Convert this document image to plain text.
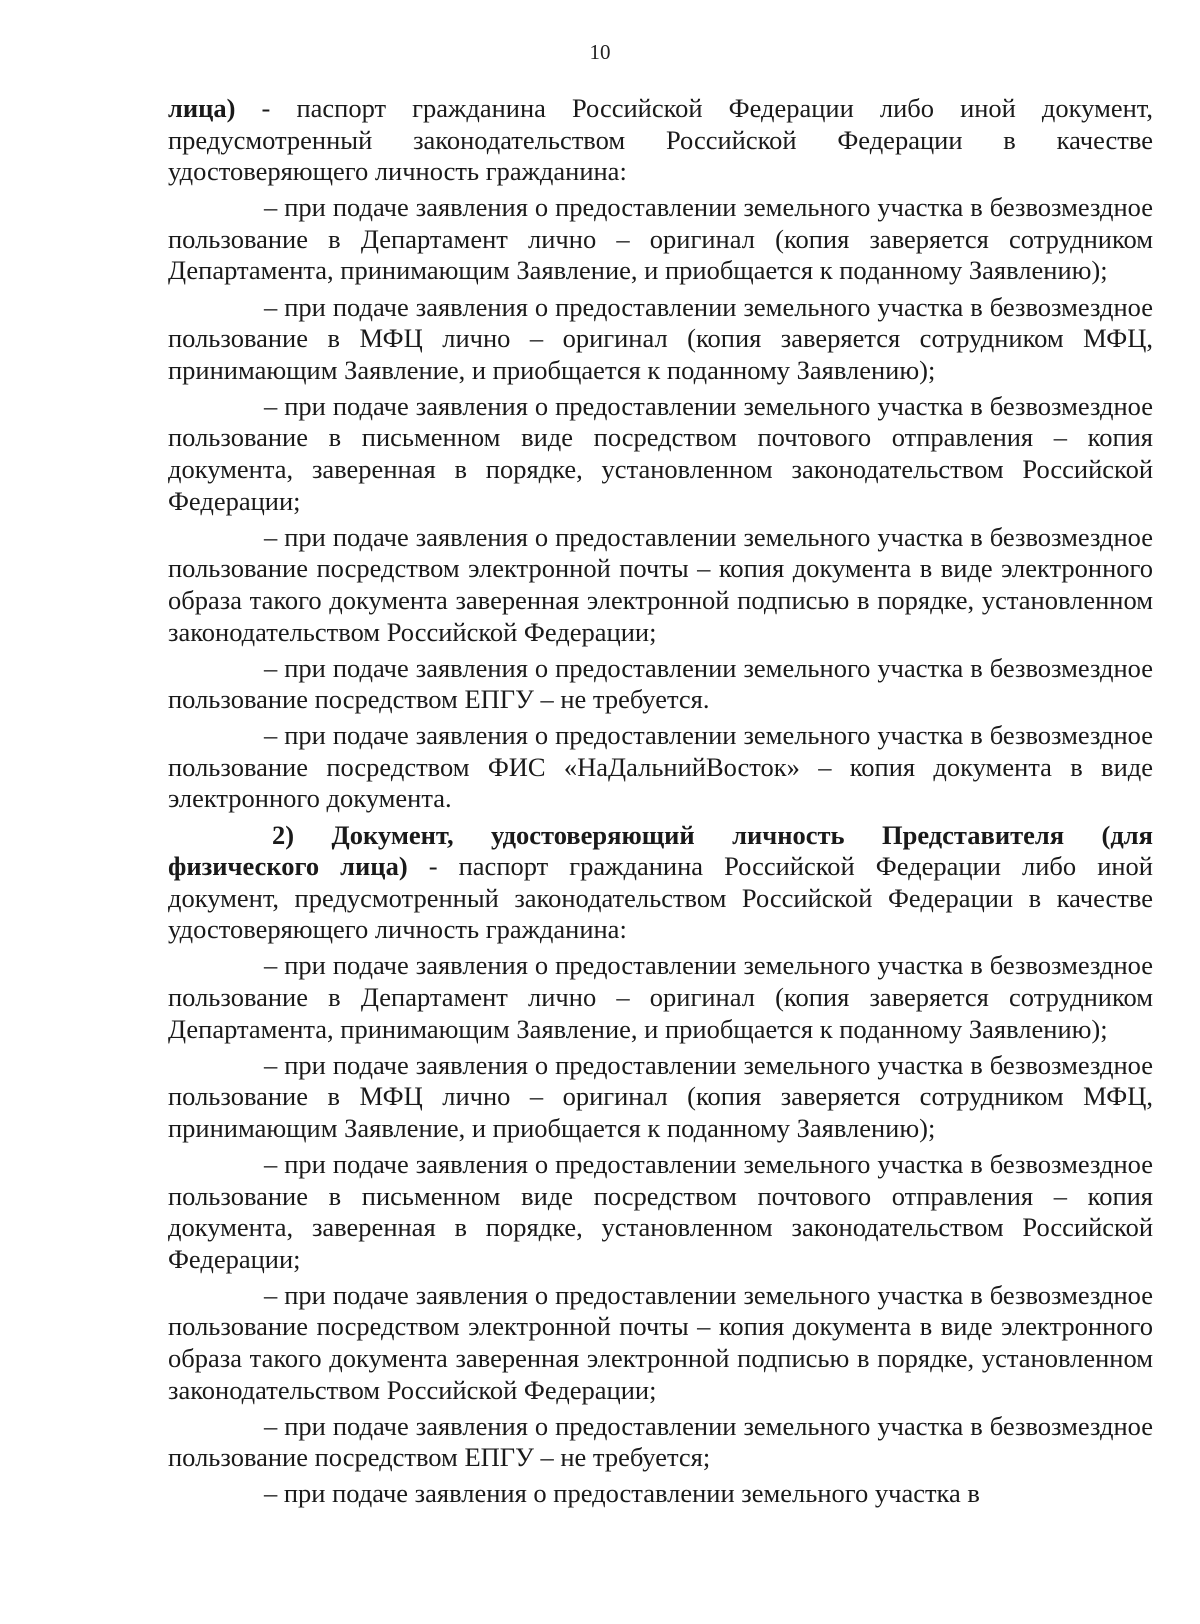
10

лица) - паспорт гражданина Российской Федерации либо иной документ, предусмотренный законодательством Российской Федерации в качестве удостоверяющего личность гражданина:

– при подаче заявления о предоставлении земельного участка в безвозмездное пользование в Департамент лично – оригинал (копия заверяется сотрудником Департамента, принимающим Заявление, и приобщается к поданному Заявлению);

– при подаче заявления о предоставлении земельного участка в безвозмездное пользование в МФЦ лично – оригинал (копия заверяется сотрудником МФЦ, принимающим Заявление, и приобщается к поданному Заявлению);

– при подаче заявления о предоставлении земельного участка в безвозмездное пользование в письменном виде посредством почтового отправления – копия документа, заверенная в порядке, установленном законодательством Российской Федерации;

– при подаче заявления о предоставлении земельного участка в безвозмездное пользование посредством электронной почты – копия документа в виде электронного образа такого документа заверенная электронной подписью в порядке, установленном законодательством Российской Федерации;

– при подаче заявления о предоставлении земельного участка в безвозмездное пользование посредством ЕПГУ – не требуется.

– при подаче заявления о предоставлении земельного участка в безвозмездное пользование посредством ФИС «НаДальнийВосток» – копия документа в виде электронного документа.

2) Документ, удостоверяющий личность Представителя (для физического лица) - паспорт гражданина Российской Федерации либо иной документ, предусмотренный законодательством Российской Федерации в качестве удостоверяющего личность гражданина:

– при подаче заявления о предоставлении земельного участка в безвозмездное пользование в Департамент лично – оригинал (копия заверяется сотрудником Департамента, принимающим Заявление, и приобщается к поданному Заявлению);

– при подаче заявления о предоставлении земельного участка в безвозмездное пользование в МФЦ лично – оригинал (копия заверяется сотрудником МФЦ, принимающим Заявление, и приобщается к поданному Заявлению);

– при подаче заявления о предоставлении земельного участка в безвозмездное пользование в письменном виде посредством почтового отправления – копия документа, заверенная в порядке, установленном законодательством Российской Федерации;

– при подаче заявления о предоставлении земельного участка в безвозмездное пользование посредством электронной почты – копия документа в виде электронного образа такого документа заверенная электронной подписью в порядке, установленном законодательством Российской Федерации;

– при подаче заявления о предоставлении земельного участка в безвозмездное пользование посредством ЕПГУ – не требуется;

– при подаче заявления о предоставлении земельного участка в
